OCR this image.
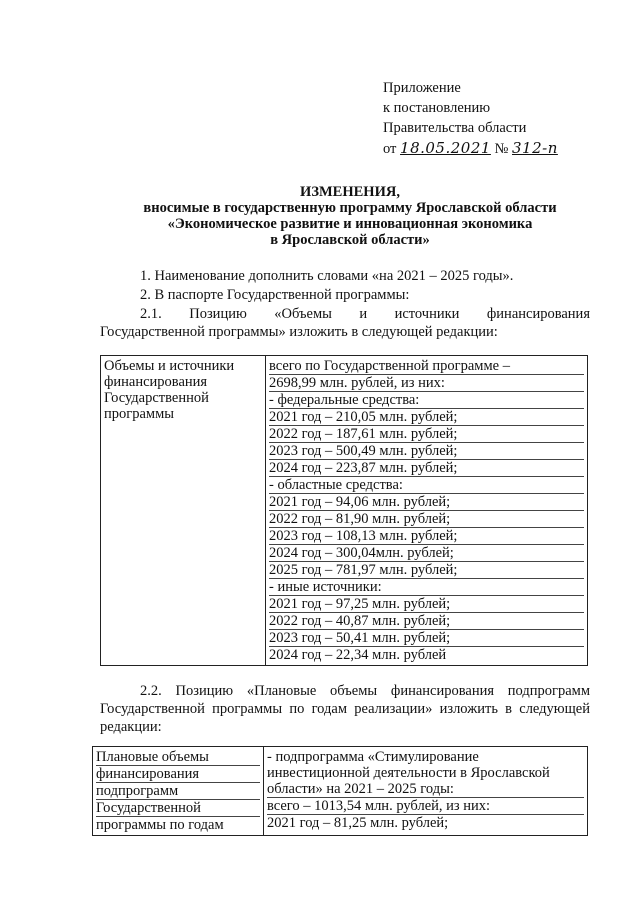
Приложение
к постановлению
Правительства области
от 18.05.2021 № 312-п
ИЗМЕНЕНИЯ,
вносимые в государственную программу Ярославской области
«Экономическое развитие и инновационная экономика
в Ярославской области»
1. Наименование дополнить словами «на 2021 – 2025 годы».
2. В паспорте Государственной программы:
2.1. Позицию «Объемы и источники финансирования
Государственной программы» изложить в следующей редакции:
Объемы и источники
финансирования
Государственной
программы

всего по Государственной программе –
2698,99 млн. рублей, из них:
- федеральные средства:
2021 год – 210,05 млн. рублей;
2022 год – 187,61 млн. рублей;
2023 год – 500,49 млн. рублей;
2024 год – 223,87 млн. рублей;
- областные средства:
2021 год – 94,06 млн. рублей;
2022 год – 81,90 млн. рублей;
2023 год – 108,13 млн. рублей;
2024 год – 300,04млн. рублей;
2025 год – 781,97 млн. рублей;
- иные источники:
2021 год – 97,25 млн. рублей;
2022 год – 40,87 млн. рублей;
2023 год – 50,41 млн. рублей;
2024 год – 22,34 млн. рублей
2.2. Позицию «Плановые объемы финансирования подпрограмм
Государственной программы по годам реализации» изложить в следующей
редакции:
Плановые объемы
финансирования
подпрограмм
Государственной
программы по годам

- подпрограмма «Стимулирование
инвестиционной деятельности в Ярославской
области» на 2021 – 2025 годы:
всего – 1013,54 млн. рублей, из них:
2021 год – 81,25 млн. рублей;
